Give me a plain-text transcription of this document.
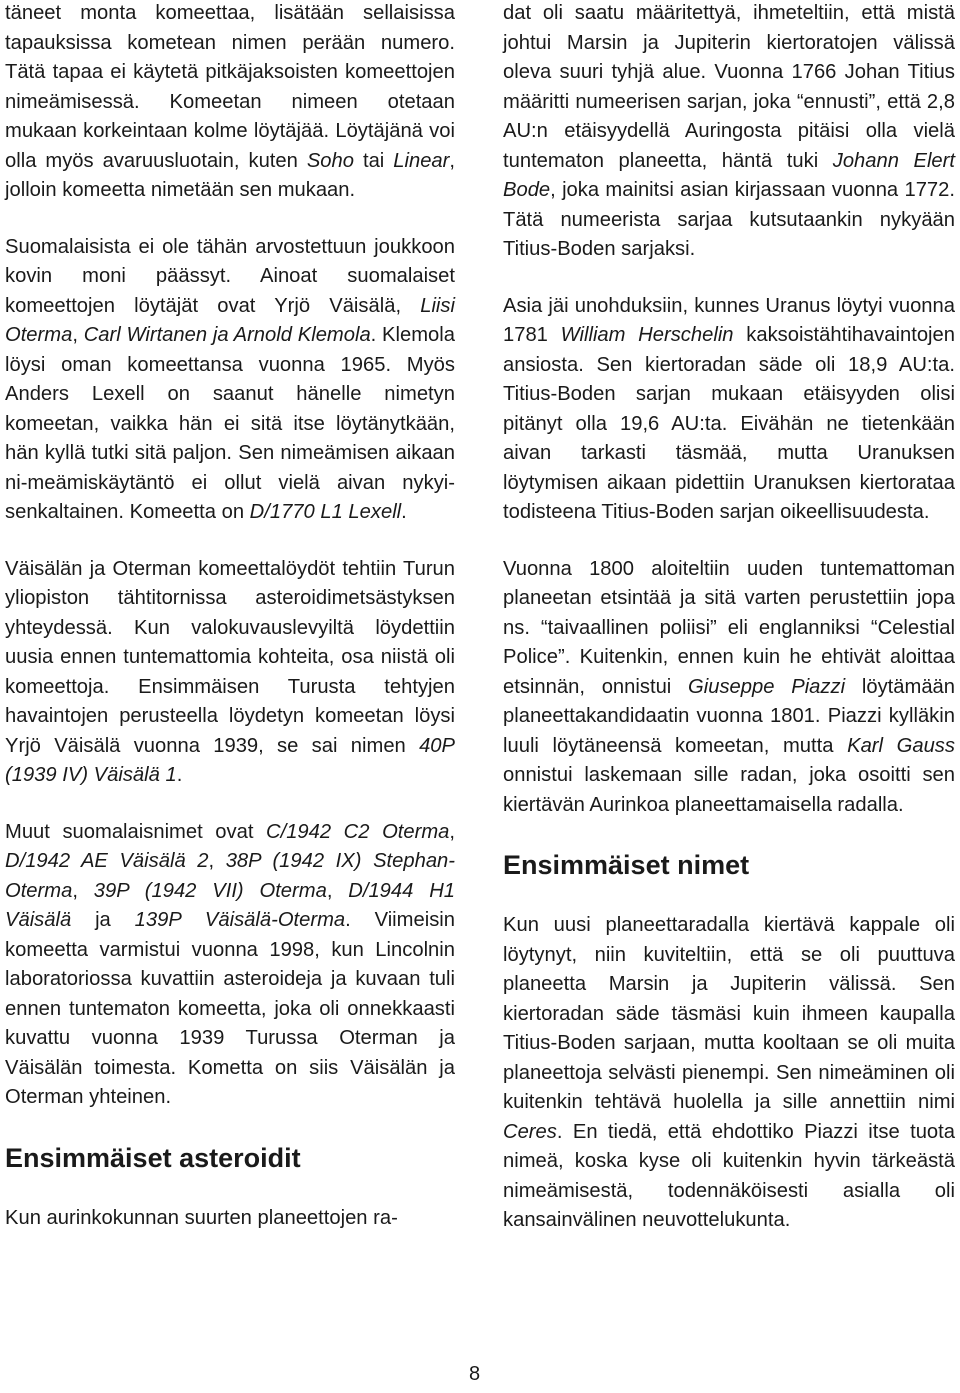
täneet monta komeettaa, lisätään sellaisissa tapauksissa kometean nimen perään numero. Tätä tapaa ei käytetä pitkäjaksoisten komeettojen nimeämisessä. Komeetan nimeen otetaan mukaan korkeintaan kolme löytäjää. Löytäjänä voi olla myös avaruusluotain, kuten Soho tai Linear, jolloin komeetta nimetään sen mukaan.

Suomalaisista ei ole tähän arvostettuun joukkoon kovin moni päässyt. Ainoat suomalaiset komeettojen löytäjät ovat Yrjö Väisälä, Liisi Oterma, Carl Wirtanen ja Arnold Klemola. Klemola löysi oman komeettansa vuonna 1965. Myös Anders Lexell on saanut hänelle nimetyn komeetan, vaikka hän ei sitä itse löytänytkään, hän kyllä tutki sitä paljon. Sen nimeämisen aikaan ni-meämiskäytäntö ei ollut vielä aivan nykyi-senkaltainen. Komeetta on D/1770 L1 Lexell.

Väisälän ja Oterman komeettalöydöt tehtiin Turun yliopiston tähtitornissa asteroidimetsästyksen yhteydessä. Kun valokuvauslevyiltä löydettiin uusia ennen tuntemattomia kohteita, osa niistä oli komeettoja. Ensimmäisen Turusta tehtyjen havaintojen perusteella löydetyn komeetan löysi Yrjö Väisälä vuonna 1939, se sai nimen 40P (1939 IV) Väisälä 1.

Muut suomalaisnimet ovat C/1942 C2 Oterma, D/1942 AE Väisälä 2, 38P (1942 IX) Stephan-Oterma, 39P (1942 VII) Oterma, D/1944 H1 Väisälä ja 139P Väisälä-Oterma. Viimeisin komeetta varmistui vuonna 1998, kun Lincolnin laboratoriossa kuvattiin asteroideja ja kuvaan tuli ennen tuntematon komeetta, joka oli onnekkaasti kuvattu vuonna 1939 Turussa Oterman ja Väisälän toimesta. Kometta on siis Väisälän ja Oterman yhteinen.

Ensimmäiset asteroidit

Kun aurinkokunnan suurten planeettojen ra-

8

dat oli saatu määritettyä, ihmeteltiin, että mistä johtui Marsin ja Jupiterin kiertoratojen välissä oleva suuri tyhjä alue. Vuonna 1766 Johan Titius määritti numeerisen sarjan, joka “ennusti”, että 2,8 AU:n etäisyydellä Auringosta pitäisi olla vielä tuntematon planeetta, häntä tuki Johann Elert Bode, joka mainitsi asian kirjassaan vuonna 1772. Tätä numeerista sarjaa kutsutaankin nykyään Titius-Boden sarjaksi.

Asia jäi unohduksiin, kunnes Uranus löytyi vuonna 1781 William Herschelin kaksoistähtihavaintojen ansiosta. Sen kiertoradan säde oli 18,9 AU:ta. Titius-Boden sarjan mukaan etäisyyden olisi pitänyt olla 19,6 AU:ta. Eivähän ne tietenkään aivan tarkasti täsmää, mutta Uranuksen löytymisen aikaan pidettiin Uranuksen kiertorataa todisteena Titius-Boden sarjan oikeellisuudesta.

Vuonna 1800 aloiteltiin uuden tuntemattoman planeetan etsintää ja sitä varten perustettiin jopa ns. “taivaallinen poliisi” eli englanniksi “Celestial Police”. Kuitenkin, ennen kuin he ehtivät aloittaa etsinnän, onnistui Giuseppe Piazzi löytämään planeettakandidaatin vuonna 1801. Piazzi kylläkin luuli löytäneensä komeetan, mutta Karl Gauss onnistui laskemaan sille radan, joka osoitti sen kiertävän Aurinkoa planeettamaisella radalla.

Ensimmäiset nimet

Kun uusi planeettaradalla kiertävä kappale oli löytynyt, niin kuviteltiin, että se oli puuttuva planeetta Marsin ja Jupiterin välissä. Sen kiertoradan säde täsmäsi kuin ihmeen kaupalla Titius-Boden sarjaan, mutta kooltaan se oli muita planeettoja selvästi pienempi. Sen nimeäminen oli kuitenkin tehtävä huolella ja sille annettiin nimi Ceres. En tiedä, että ehdottiko Piazzi itse tuota nimeä, koska kyse oli kuitenkin hyvin tärkeästä nimeämisestä, todennäköisesti asialla oli kansainvälinen neuvottelukunta.
